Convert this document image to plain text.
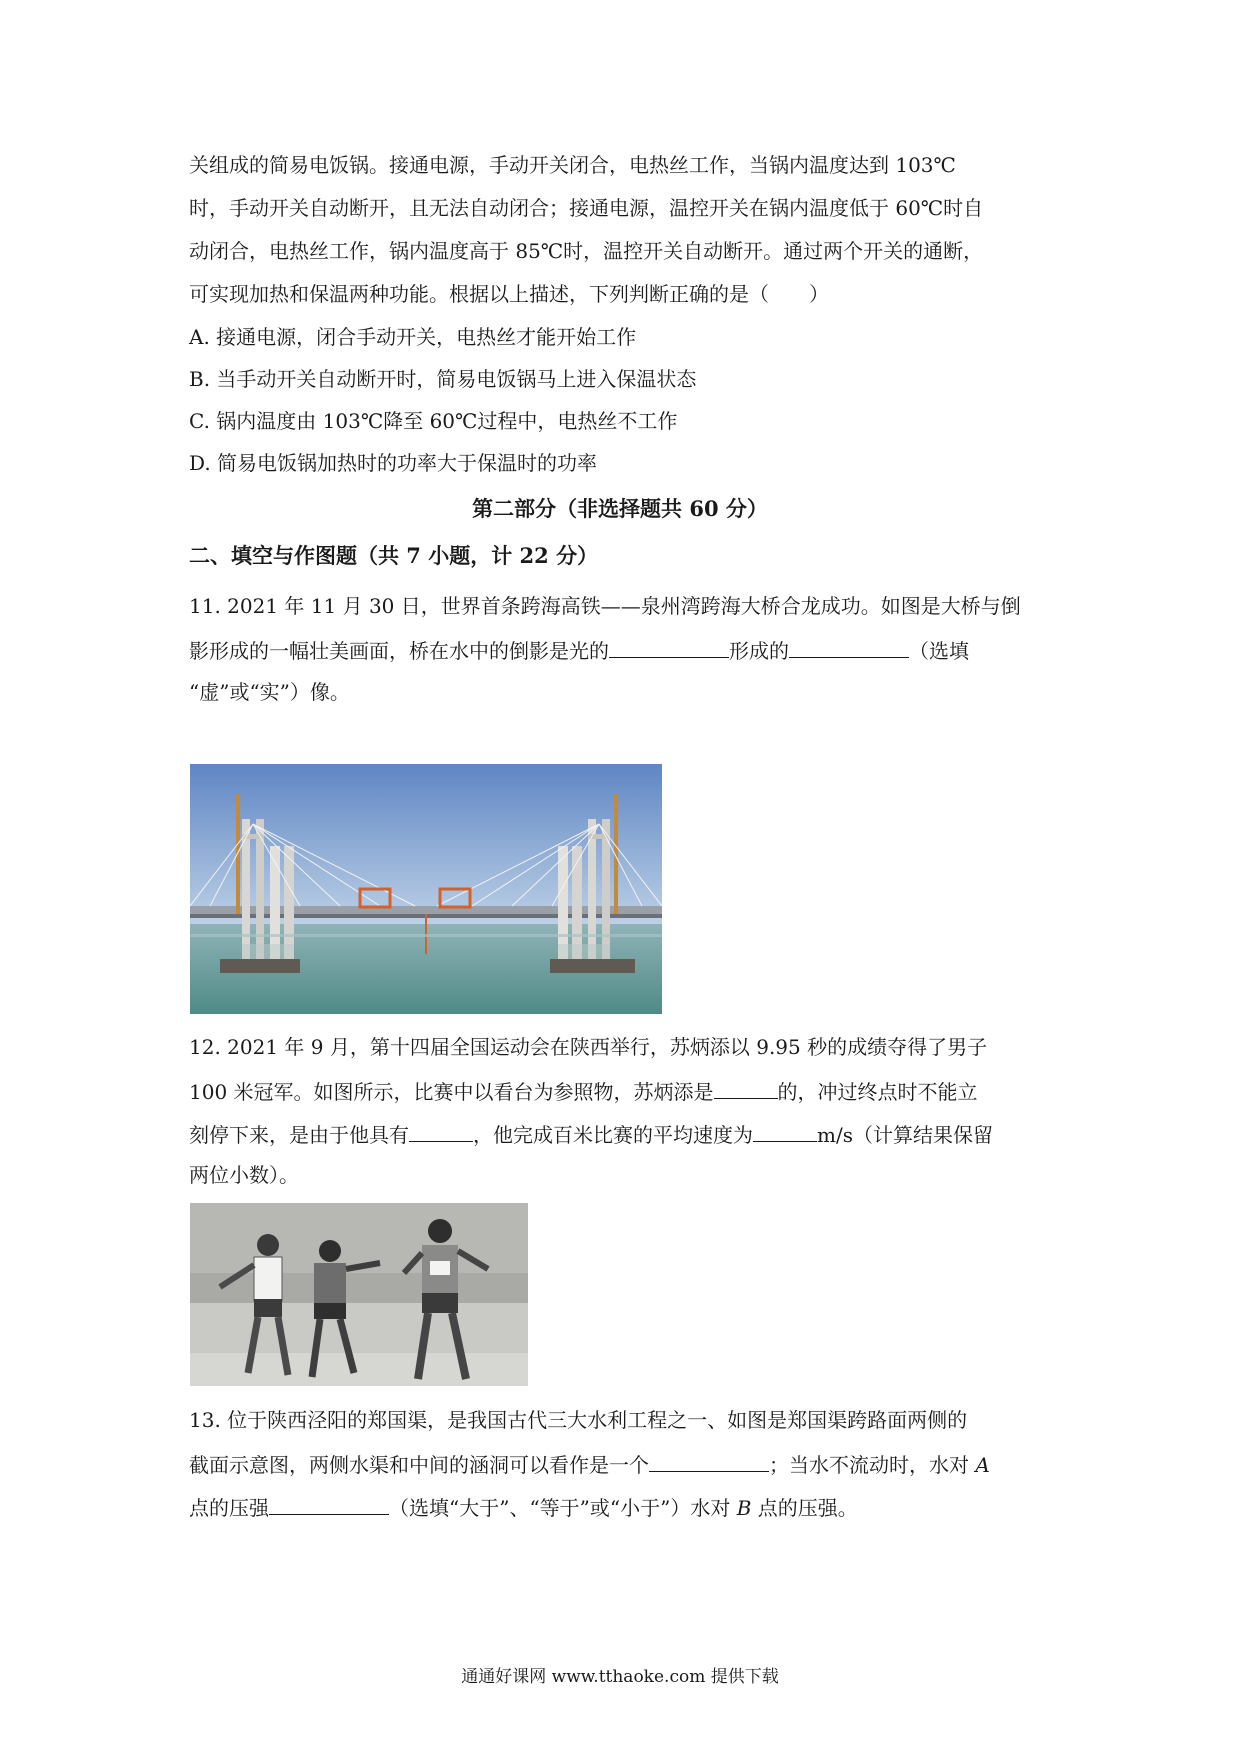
关组成的简易电饭锅。接通电源，手动开关闭合，电热丝工作，当锅内温度达到 103℃
时，手动开关自动断开，且无法自动闭合；接通电源，温控开关在锅内温度低于 60℃时自
动闭合，电热丝工作，锅内温度高于 85℃时，温控开关自动断开。通过两个开关的通断，
可实现加热和保温两种功能。根据以上描述，下列判断正确的是（　　）
A. 接通电源，闭合手动开关，电热丝才能开始工作
B. 当手动开关自动断开时，简易电饭锅马上进入保温状态
C. 锅内温度由 103℃降至 60℃过程中，电热丝不工作
D. 简易电饭锅加热时的功率大于保温时的功率
第二部分（非选择题共 60 分）
二、填空与作图题（共 7 小题，计 22 分）
11. 2021 年 11 月 30 日，世界首条跨海高铁——泉州湾跨海大桥合龙成功。如图是大桥与倒
影形成的一幅壮美画面，桥在水中的倒影是光的	形成的	（选填
“虚”或“实”）像。
12. 2021 年 9 月，第十四届全国运动会在陕西举行，苏炳添以 9.95 秒的成绩夺得了男子
100 米冠军。如图所示，比赛中以看台为参照物，苏炳添是	的，冲过终点时不能立
刻停下来，是由于他具有	，他完成百米比赛的平均速度为	m/s（计算结果保留
两位小数）。
13. 位于陕西泾阳的郑国渠，是我国古代三大水利工程之一、如图是郑国渠跨路面两侧的
截面示意图，两侧水渠和中间的涵洞可以看作是一个	；当水不流动时，水对 A
点的压强	（选填“大于”、“等于”或“小于”）水对 B 点的压强。
通通好课网 www.tthaoke.com 提供下载
